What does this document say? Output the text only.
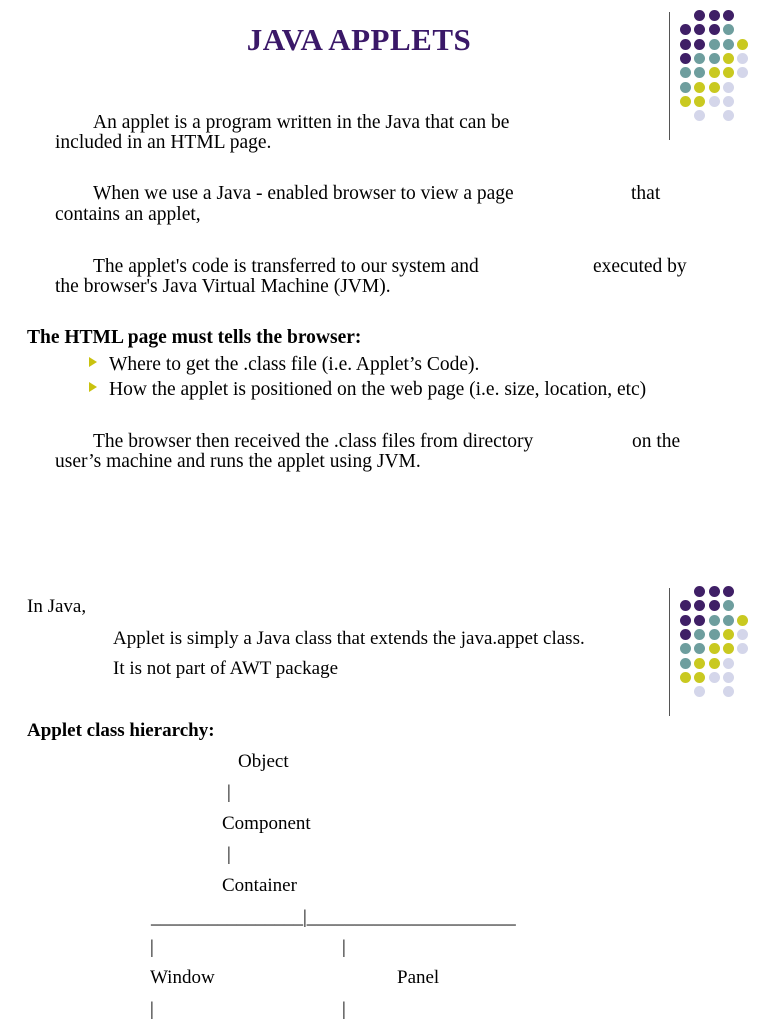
JAVA APPLETS
An applet is a program written in the Java that can be
included in an HTML page.
When we use a Java - enabled browser to view a page	that
contains an applet,
The applet's code is transferred to our system and	executed by
the browser's Java Virtual Machine (JVM).
The HTML page must tells the browser:
Where to get the .class file (i.e. Applet’s Code).
How the applet is positioned on the web page (i.e. size, location, etc)
The browser then received the .class files from directory	on the
user’s machine and runs the applet using JVM.
In Java,
Applet is simply a Java class that extends the java.appet class.
It is not part of AWT package
Applet class hierarchy:
Object
|
Component
|
Container
________________|______________________
|	|
Window	Panel
|	|
